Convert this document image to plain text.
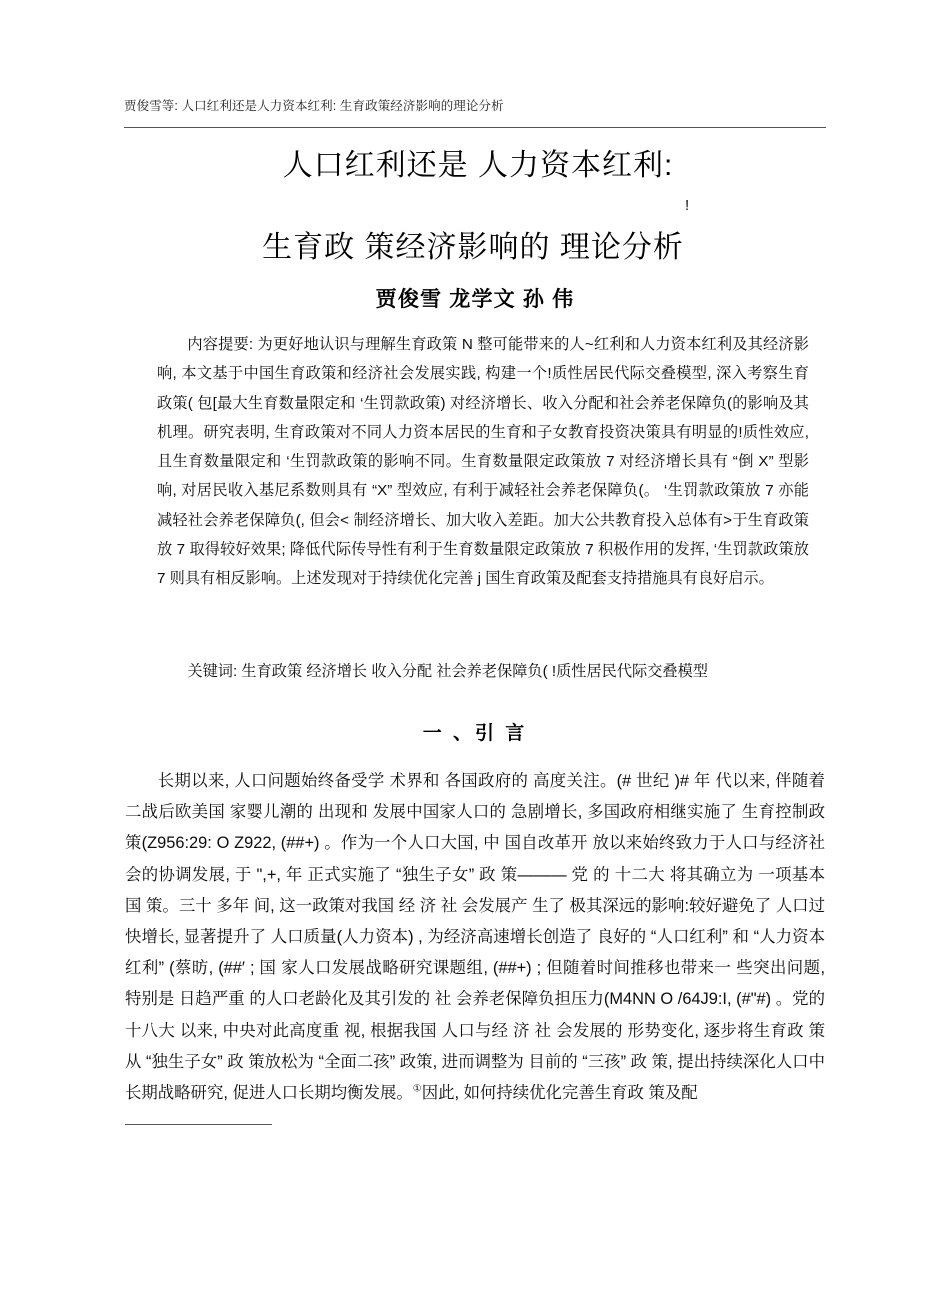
贾俊雪等: 人口红利还是人力资本红利: 生育政策经济影响的理论分析
人口红利还是 人力资本红利:
生育政 策经济影响的 理论分析
!
贾俊雪 龙学文 孙 伟

内容提要: 为更好地认识与理解生育政策 N 整可能带来的人~红利和人力资本红利及其经济影响, 本文基于中国生育政策和经济社会发展实践, 构建一个!质性居民代际交叠模型, 深入考察生育政策( 包[最大生育数量限定和 ‘生罚款政策) 对经济增长、收入分配和社会养老保障负(的影响及其机理。研究表明, 生育政策对不同人力资本居民的生育和子女教育投资决策具有明显的!质性效应, 且生育数量限定和 ‘生罚款政策的影响不同。生育数量限定政策放 7 对经济增长具有 “倒 X” 型影响, 对居民收入基尼系数则具有 “X” 型效应, 有利于减轻社会养老保障负(。 ‘生罚款政策放 7 亦能减轻社会养老保障负(, 但会< 制经济增长、加大收入差距。加大公共教育投入总体有>于生育政策放 7 取得较好效果; 降低代际传导性有利于生育数量限定政策放 7 积极作用的发挥, ‘生罚款政策放 7 则具有相反影响。上述发现对于持续优化完善 j 国生育政策及配套支持措施具有良好启示。

关键词: 生育政策 经济增长 收入分配 社会养老保障负( !质性居民代际交叠模型
一 、引 言

长期以来, 人口问题始终备受学 术界和 各国政府的 高度关注。(# 世纪 )# 年 代以来, 伴随着二战后欧美国 家婴儿潮的 出现和 发展中国家人口的 急剧增长, 多国政府相继实施了 生育控制政策(Z956:29: O Z922, (##+) 。作为一个人口大国, 中 国自改革开 放以来始终致力于人口与经济社会的协调发展, 于 ",+, 年 正式实施了 “独生子女” 政 策——— 党 的 十二大 将其确立为 一项基本国 策。三十 多年 间, 这一政策对我国 经 济 社 会发展产 生了 极其深远的影响:较好避免了 人口过快增长, 显著提升了 人口质量(人力资本) , 为经济高速增长创造了 良好的 “人口红利” 和 “人力资本红利” (蔡昉, (##′ ; 国 家人口发展战略研究课题组, (##+) ; 但随着时间推移也带来一 些突出问题, 特别是 日趋严重 的人口老龄化及其引发的 社 会养老保障负担压力(M4NN O /64J9:I, (#"#) 。党的十八大 以来, 中央对此高度重 视, 根据我国 人口与经 济 社 会发展的 形势变化, 逐步将生育政 策从 “独生子女” 政 策放松为 “全面二孩” 政策, 进而调整为 目前的 “三孩” 政 策, 提出持续深化人口中 长期战略研究, 促进人口长期均衡发展。①因此, 如何持续优化完善生育政 策及配
